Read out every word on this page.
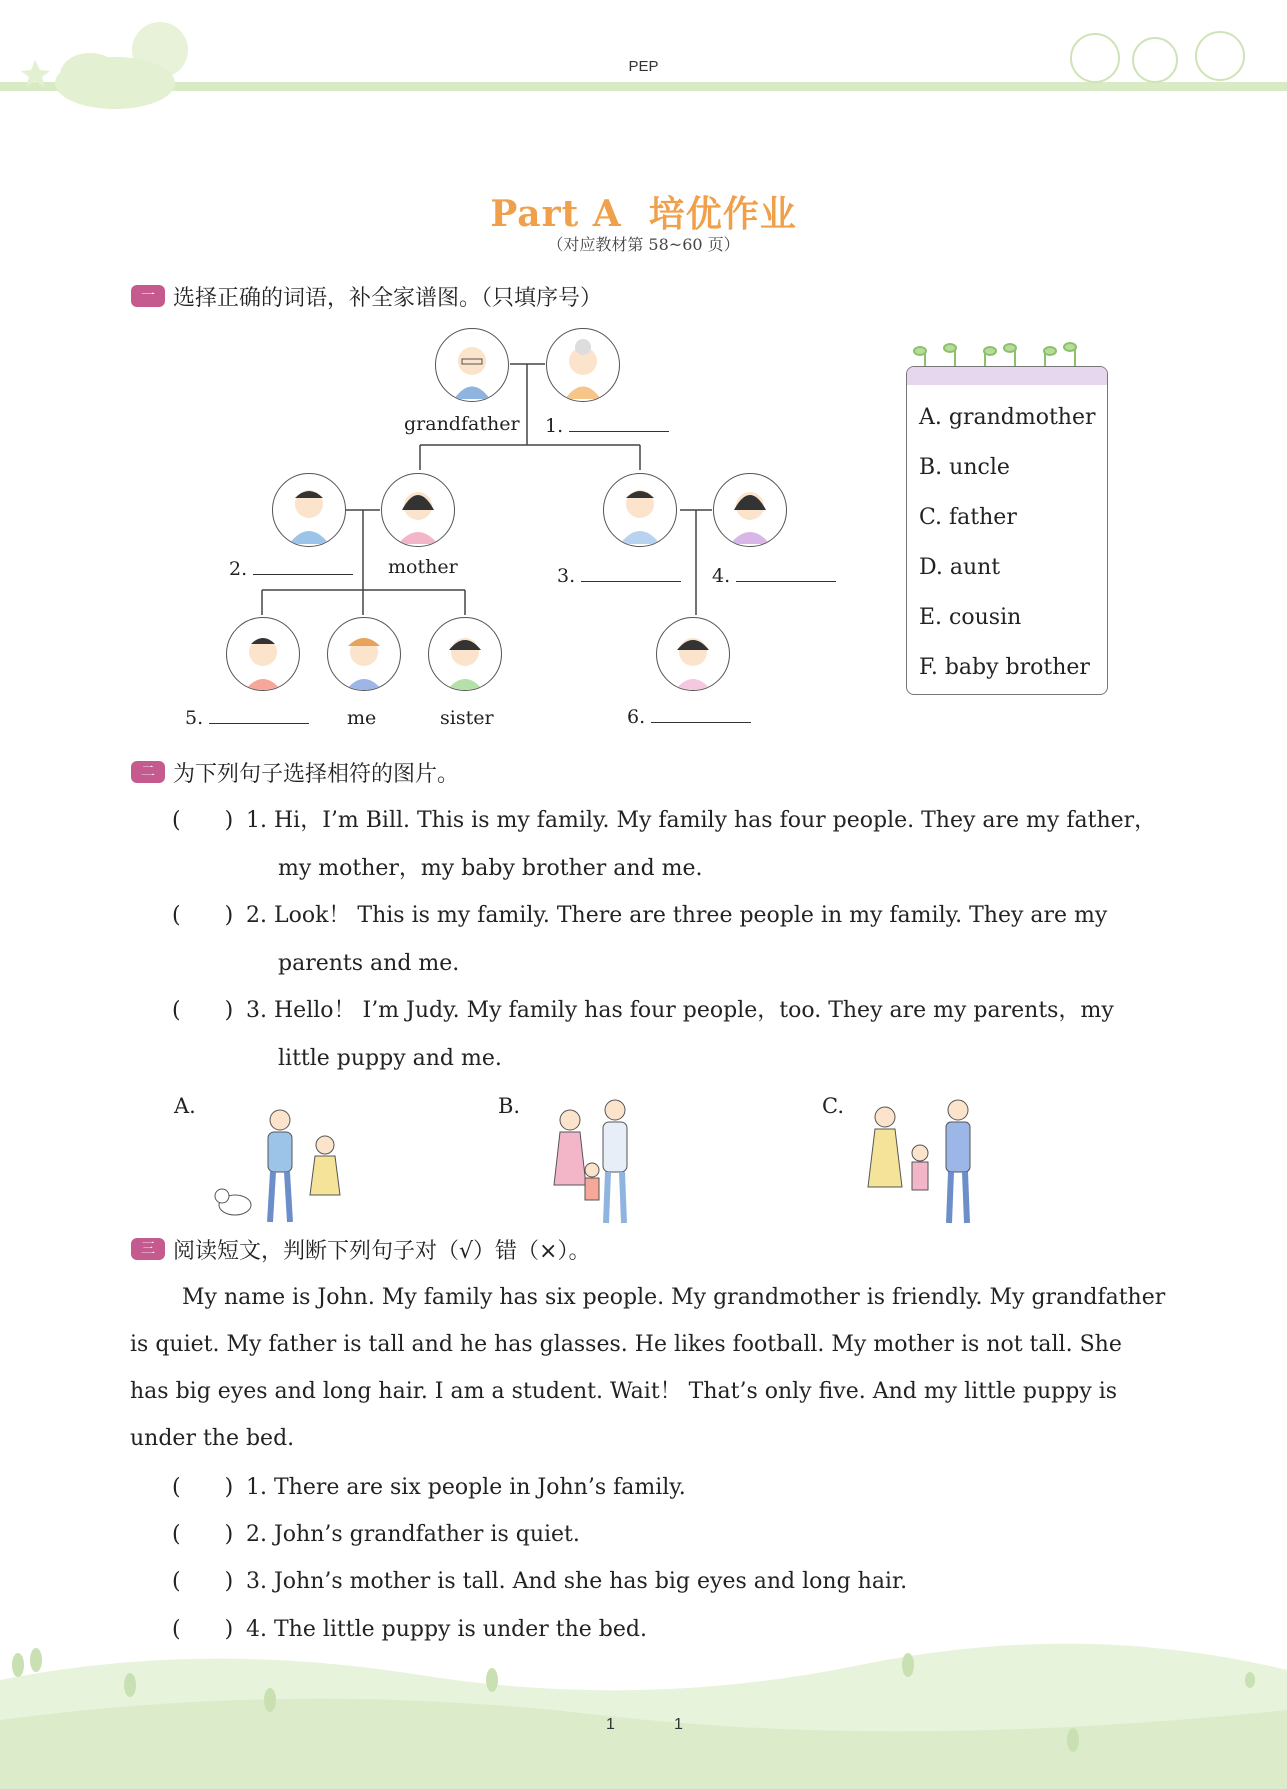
PEP
Part A 培优作业
（对应教材第 58~60 页）
一 选择正确的词语，补全家谱图。（只填序号）
grandfather 1.
2.	mother	3.	4.
5.	me	sister	6.
A. grandmother
B. uncle
C. father
D. aunt
E. cousin
F. baby brother
二 为下列句子选择相符的图片。
(　　) 1. Hi，I’m Bill. This is my family. My family has four people. They are my father，
my mother，my baby brother and me.
(　　) 2. Look！ This is my family. There are three people in my family. They are my
parents and me.
(　　) 3. Hello！ I’m Judy. My family has four people，too. They are my parents，my
little puppy and me.
A.	B.	C.
三 阅读短文，判断下列句子对（√）错（×）。
My name is John. My family has six people. My grandmother is friendly. My grandfather
is quiet. My father is tall and he has glasses. He likes football. My mother is not tall. She
has big eyes and long hair. I am a student. Wait！ That’s only five. And my little puppy is
under the bed.
(　　) 1. There are six people in John’s family.
(　　) 2. John’s grandfather is quiet.
(　　) 3. John’s mother is tall. And she has big eyes and long hair.
(　　) 4. The little puppy is under the bed.
1	1
